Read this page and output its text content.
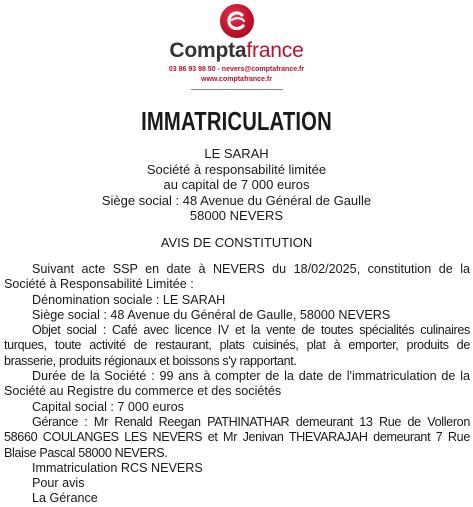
Comptafrance
03 86 93 98 50 - nevers@comptafrance.fr
www.comptafrance.fr
IMMATRICULATION
LE SARAH
Société à responsabilité limitée
au capital de 7 000 euros
Siège social : 48 Avenue du Général de Gaulle
58000 NEVERS
AVIS DE CONSTITUTION

Suivant acte SSP en date à NEVERS du 18/02/2025, constitution de la Société à Responsabilité Limitée :

Dénomination sociale : LE SARAH

Siège social : 48 Avenue du Général de Gaulle, 58000 NEVERS

Objet social : Café avec licence IV et la vente de toutes spécialités culinaires turques, toute activité de restaurant, plats cuisinés, plat à emporter, produits de brasserie, produits régionaux et boissons s'y rapportant.

Durée de la Société : 99 ans à compter de la date de l'immatriculation de la Société au Registre du commerce et des sociétés

Capital social : 7 000 euros

Gérance : Mr Renald Reegan PATHINATHAR demeurant 13 Rue de Volleron 58660 COULANGES LES NEVERS et Mr Jenivan THEVARAJAH demeurant 7 Rue Blaise Pascal 58000 NEVERS.

Immatriculation RCS NEVERS

Pour avis

La Gérance
